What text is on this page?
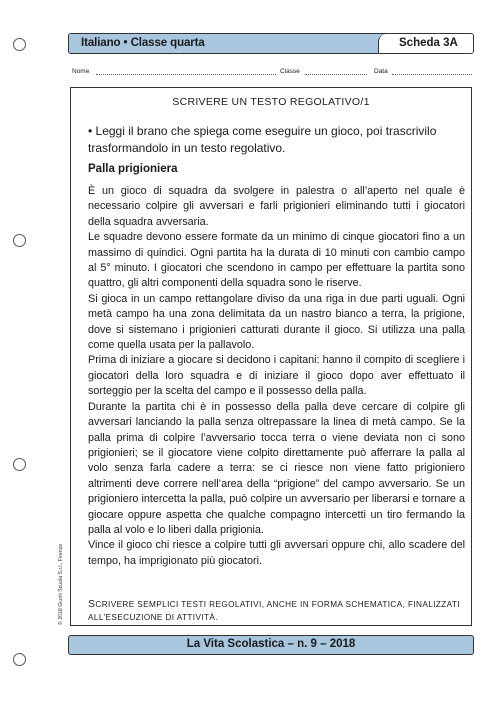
Italiano • Classe quarta	Scheda 3A
Nome	Classe	Data
SCRIVERE UN TESTO REGOLATIVO/1
• Leggi il brano che spiega come eseguire un gioco, poi trascrivilo trasformandolo in un testo regolativo.
Palla prigioniera

È un gioco di squadra da svolgere in palestra o all’aperto nel quale è necessario colpire gli avversari e farli prigionieri eliminando tutti i giocatori della squadra avversaria.

Le squadre devono essere formate da un minimo di cinque giocatori fino a un massimo di quindici. Ogni partita ha la durata di 10 minuti con cambio campo al 5° minuto. I giocatori che scendono in campo per effettuare la partita sono quattro, gli altri componenti della squadra sono le riserve.

Si gioca in un campo rettangolare diviso da una riga in due parti uguali. Ogni metà campo ha una zona delimitata da un nastro bianco a terra, la prigione, dove si sistemano i prigionieri catturati durante il gioco. Si utilizza una palla come quella usata per la pallavolo.

Prima di iniziare a giocare si decidono i capitani: hanno il compito di scegliere i giocatori della loro squadra e di iniziare il gioco dopo aver effettuato il sorteggio per la scelta del campo e il possesso della palla.

Durante la partita chi è in possesso della palla deve cercare di colpire gli avversari lanciando la palla senza oltrepassare la linea di metà campo. Se la palla prima di colpire l’avversario tocca terra o viene deviata non ci sono prigionieri; se il giocatore viene colpito direttamente può afferrare la palla al volo senza farla cadere a terra: se ci riesce non viene fatto prigioniero altrimenti deve correre nell’area della “prigione” del campo avversario. Se un prigioniero intercetta la palla, può colpire un avversario per liberarsi e tornare a giocare oppure aspetta che qualche compagno intercetti un tiro fermando la palla al volo e lo liberi dalla prigionia.

Vince il gioco chi riesce a colpire tutti gli avversari oppure chi, allo scadere del tempo, ha imprigionato più giocatori.

SCRIVERE SEMPLICI TESTI REGOLATIVI, ANCHE IN FORMA SCHEMATICA, FINALIZZATI ALL’ESECUZIONE DI ATTIVITÀ.
© 2018 Giunti Scuola S.r.l., Firenze
La Vita Scolastica – n. 9 – 2018
